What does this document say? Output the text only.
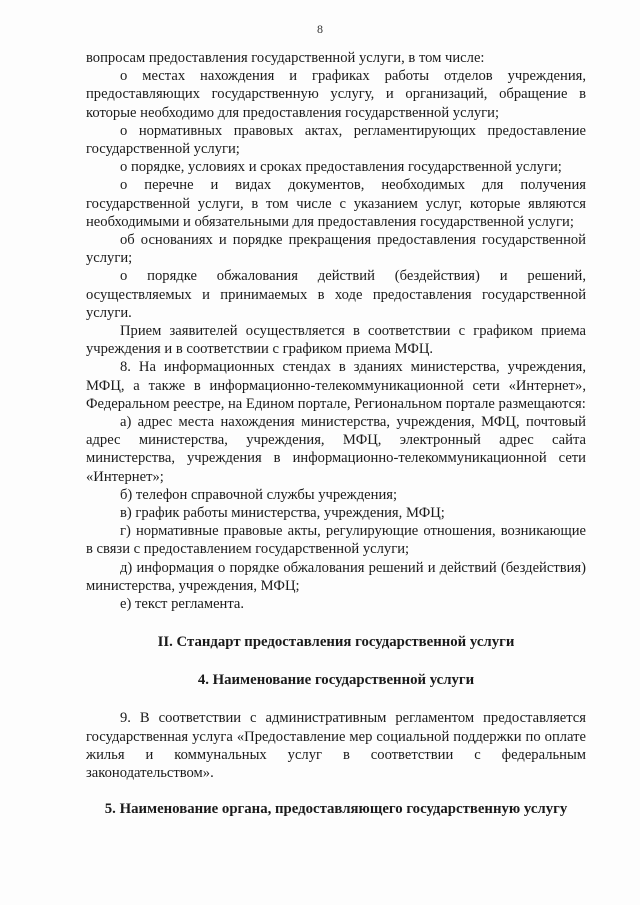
8

вопросам предоставления государственной услуги, в том числе:

о местах нахождения и графиках работы отделов учреждения, предоставляющих государственную услугу, и организаций, обращение в которые необходимо для предоставления государственной услуги;

о нормативных правовых актах, регламентирующих предоставление государственной услуги;

о порядке, условиях и сроках предоставления государственной услуги;

о перечне и видах документов, необходимых для получения государственной услуги, в том числе с указанием услуг, которые являются необходимыми и обязательными для предоставления государственной услуги;

об основаниях и порядке прекращения предоставления государственной услуги;

о порядке обжалования действий (бездействия) и решений, осуществляемых и принимаемых в ходе предоставления государственной услуги.

Прием заявителей осуществляется в соответствии с графиком приема учреждения и в соответствии с графиком приема МФЦ.

8. На информационных стендах в зданиях министерства, учреждения, МФЦ, а также в информационно-телекоммуникационной сети «Интернет», Федеральном реестре, на Едином портале, Региональном портале размещаются:

а) адрес места нахождения министерства, учреждения, МФЦ, почтовый адрес министерства, учреждения, МФЦ, электронный адрес сайта министерства, учреждения в информационно-телекоммуникационной сети «Интернет»;

б) телефон справочной службы учреждения;

в) график работы министерства, учреждения, МФЦ;

г) нормативные правовые акты, регулирующие отношения, возникающие в связи с предоставлением государственной услуги;

д) информация о порядке обжалования решений и действий (бездействия) министерства, учреждения, МФЦ;

е) текст регламента.

II. Стандарт предоставления государственной услуги
4. Наименование государственной услуги

9. В соответствии с административным регламентом предоставляется государственная услуга «Предоставление мер социальной поддержки по оплате жилья и коммунальных услуг в соответствии с федеральным законодательством».

5. Наименование органа, предоставляющего государственную услугу
